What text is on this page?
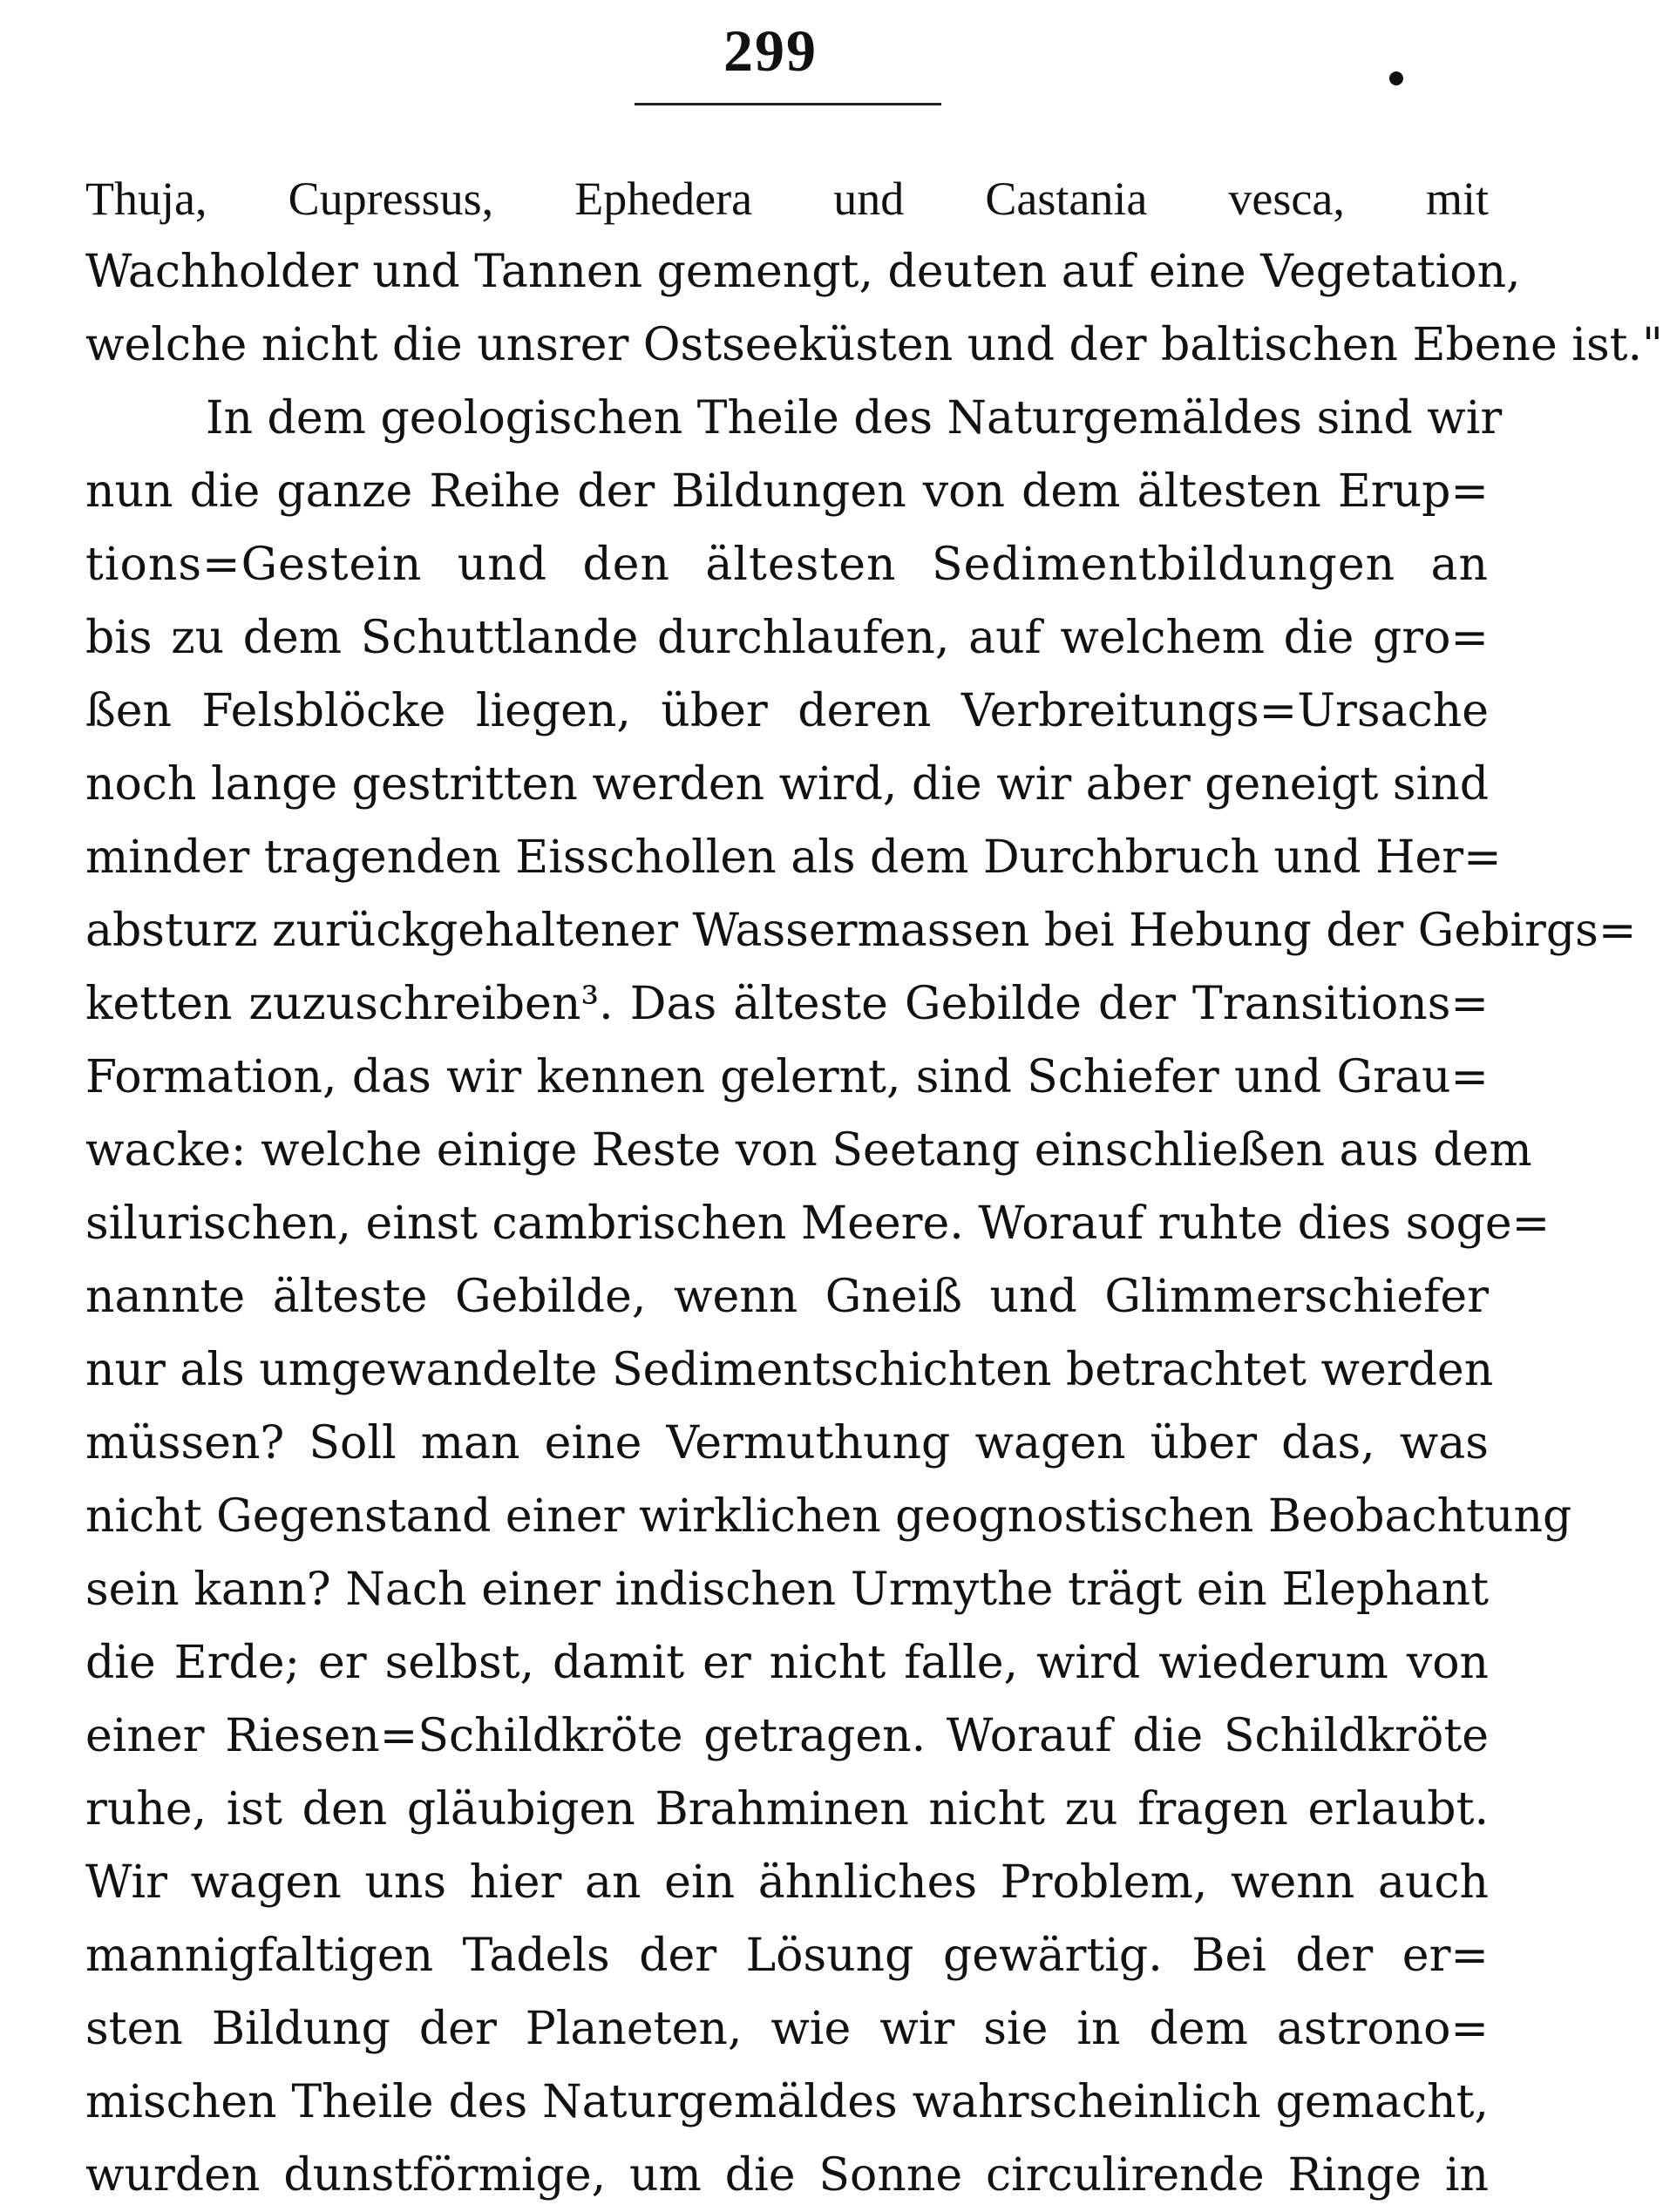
299
Thuja, Cupressus, Ephedera und Castania vesca, mit
Wachholder und Tannen gemengt, deuten auf eine Vegetation,
welche nicht die unsrer Ostseeküsten und der baltischen Ebene ist."
In dem geologischen Theile des Naturgemäldes sind wir
nun die ganze Reihe der Bildungen von dem ältesten Erup=
tions=Gestein und den ältesten Sedimentbildungen an
bis zu dem Schuttlande durchlaufen, auf welchem die gro=
ßen Felsblöcke liegen, über deren Verbreitungs=Ursache
noch lange gestritten werden wird, die wir aber geneigt sind
minder tragenden Eisschollen als dem Durchbruch und Her=
absturz zurückgehaltener Wassermassen bei Hebung der Gebirgs=
ketten zuzuschreiben³. Das älteste Gebilde der Transitions=
Formation, das wir kennen gelernt, sind Schiefer und Grau=
wacke: welche einige Reste von Seetang einschließen aus dem
silurischen, einst cambrischen Meere. Worauf ruhte dies soge=
nannte älteste Gebilde, wenn Gneiß und Glimmerschiefer
nur als umgewandelte Sedimentschichten betrachtet werden
müssen? Soll man eine Vermuthung wagen über das, was
nicht Gegenstand einer wirklichen geognostischen Beobachtung
sein kann? Nach einer indischen Urmythe trägt ein Elephant
die Erde; er selbst, damit er nicht falle, wird wiederum von
einer Riesen=Schildkröte getragen. Worauf die Schildkröte
ruhe, ist den gläubigen Brahminen nicht zu fragen erlaubt.
Wir wagen uns hier an ein ähnliches Problem, wenn auch
mannigfaltigen Tadels der Lösung gewärtig. Bei der er=
sten Bildung der Planeten, wie wir sie in dem astrono=
mischen Theile des Naturgemäldes wahrscheinlich gemacht,
wurden dunstförmige, um die Sonne circulirende Ringe in
